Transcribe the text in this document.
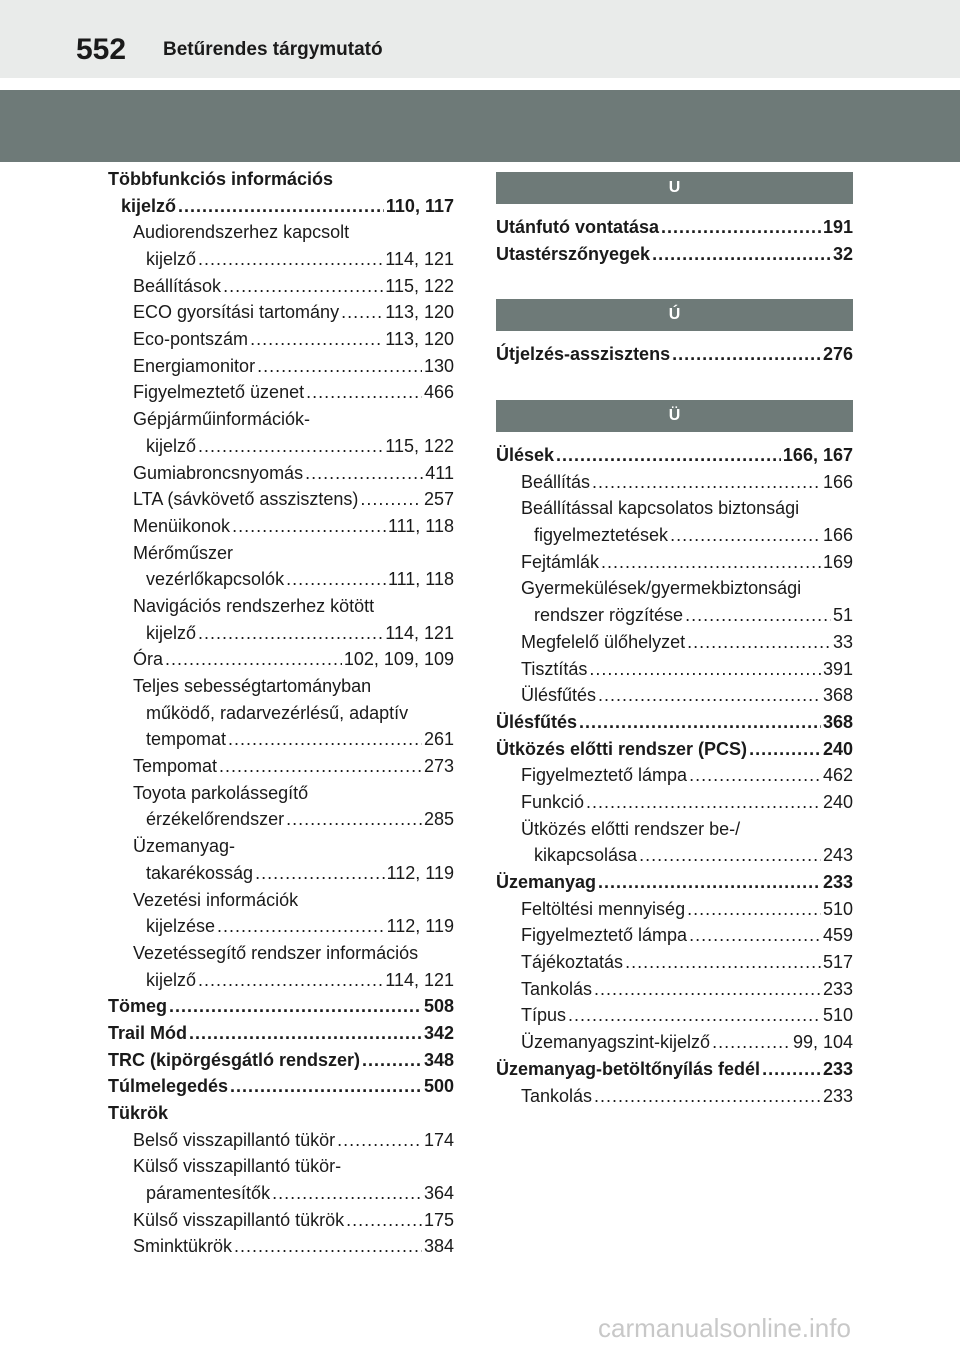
552 Betűrendes tárgymutató
Többfunkciós információs
kijelző .....	110, 117
Audiorendszerhez kapcsolt
kijelző .....	114, 121
Beállítások .....	115, 122
ECO gyorsítási tartomány .....	113, 120
Eco-pontszám .....	113, 120
Energiamonitor .....	130
Figyelmeztető üzenet .....	466
Gépjárműinformációk-
kijelző .....	115, 122
Gumiabroncsnyomás .....	411
LTA (sávkövető asszisztens) .....	257
Menüikonok .....	111, 118
Mérőműszer
vezérlőkapcsolók .....	111, 118
Navigációs rendszerhez kötött
kijelző .....	114, 121
Óra .....	102, 109, 109
Teljes sebességtartományban
működő, radarvezérlésű, adaptív
tempomat .....	261
Tempomat .....	273
Toyota parkolássegítő
érzékelőrendszer .....	285
Üzemanyag-
takarékosság .....	112, 119
Vezetési információk
kijelzése .....	112, 119
Vezetéssegítő rendszer információs
kijelző .....	114, 121
Tömeg .....	508
Trail Mód .....	342
TRC (kipörgésgátló rendszer) .....	348
Túlmelegedés .....	500
Tükrök
Belső visszapillantó tükör .....	174
Külső visszapillantó tükör-
páramentesítők .....	364
Külső visszapillantó tükrök .....	175
Sminktükrök .....	384
U
Utánfutó vontatása .....	191
Utastérszőnyegek .....	32
Ú
Útjelzés-asszisztens .....	276
Ü
Ülések .....	166, 167
Beállítás .....	166
Beállítással kapcsolatos biztonsági
figyelmeztetések .....	166
Fejtámlák .....	169
Gyermekülések/gyermekbiztonsági
rendszer rögzítése .....	51
Megfelelő ülőhelyzet .....	33
Tisztítás .....	391
Ülésfűtés .....	368
Ülésfűtés .....	368
Ütközés előtti rendszer (PCS) .....	240
Figyelmeztető lámpa .....	462
Funkció .....	240
Ütközés előtti rendszer be-/
kikapcsolása .....	243
Üzemanyag .....	233
Feltöltési mennyiség .....	510
Figyelmeztető lámpa .....	459
Tájékoztatás .....	517
Tankolás .....	233
Típus .....	510
Üzemanyagszint-kijelző .....	99, 104
Üzemanyag-betöltőnyílás fedél .....	233
Tankolás .....	233
carmanualsonline.info
